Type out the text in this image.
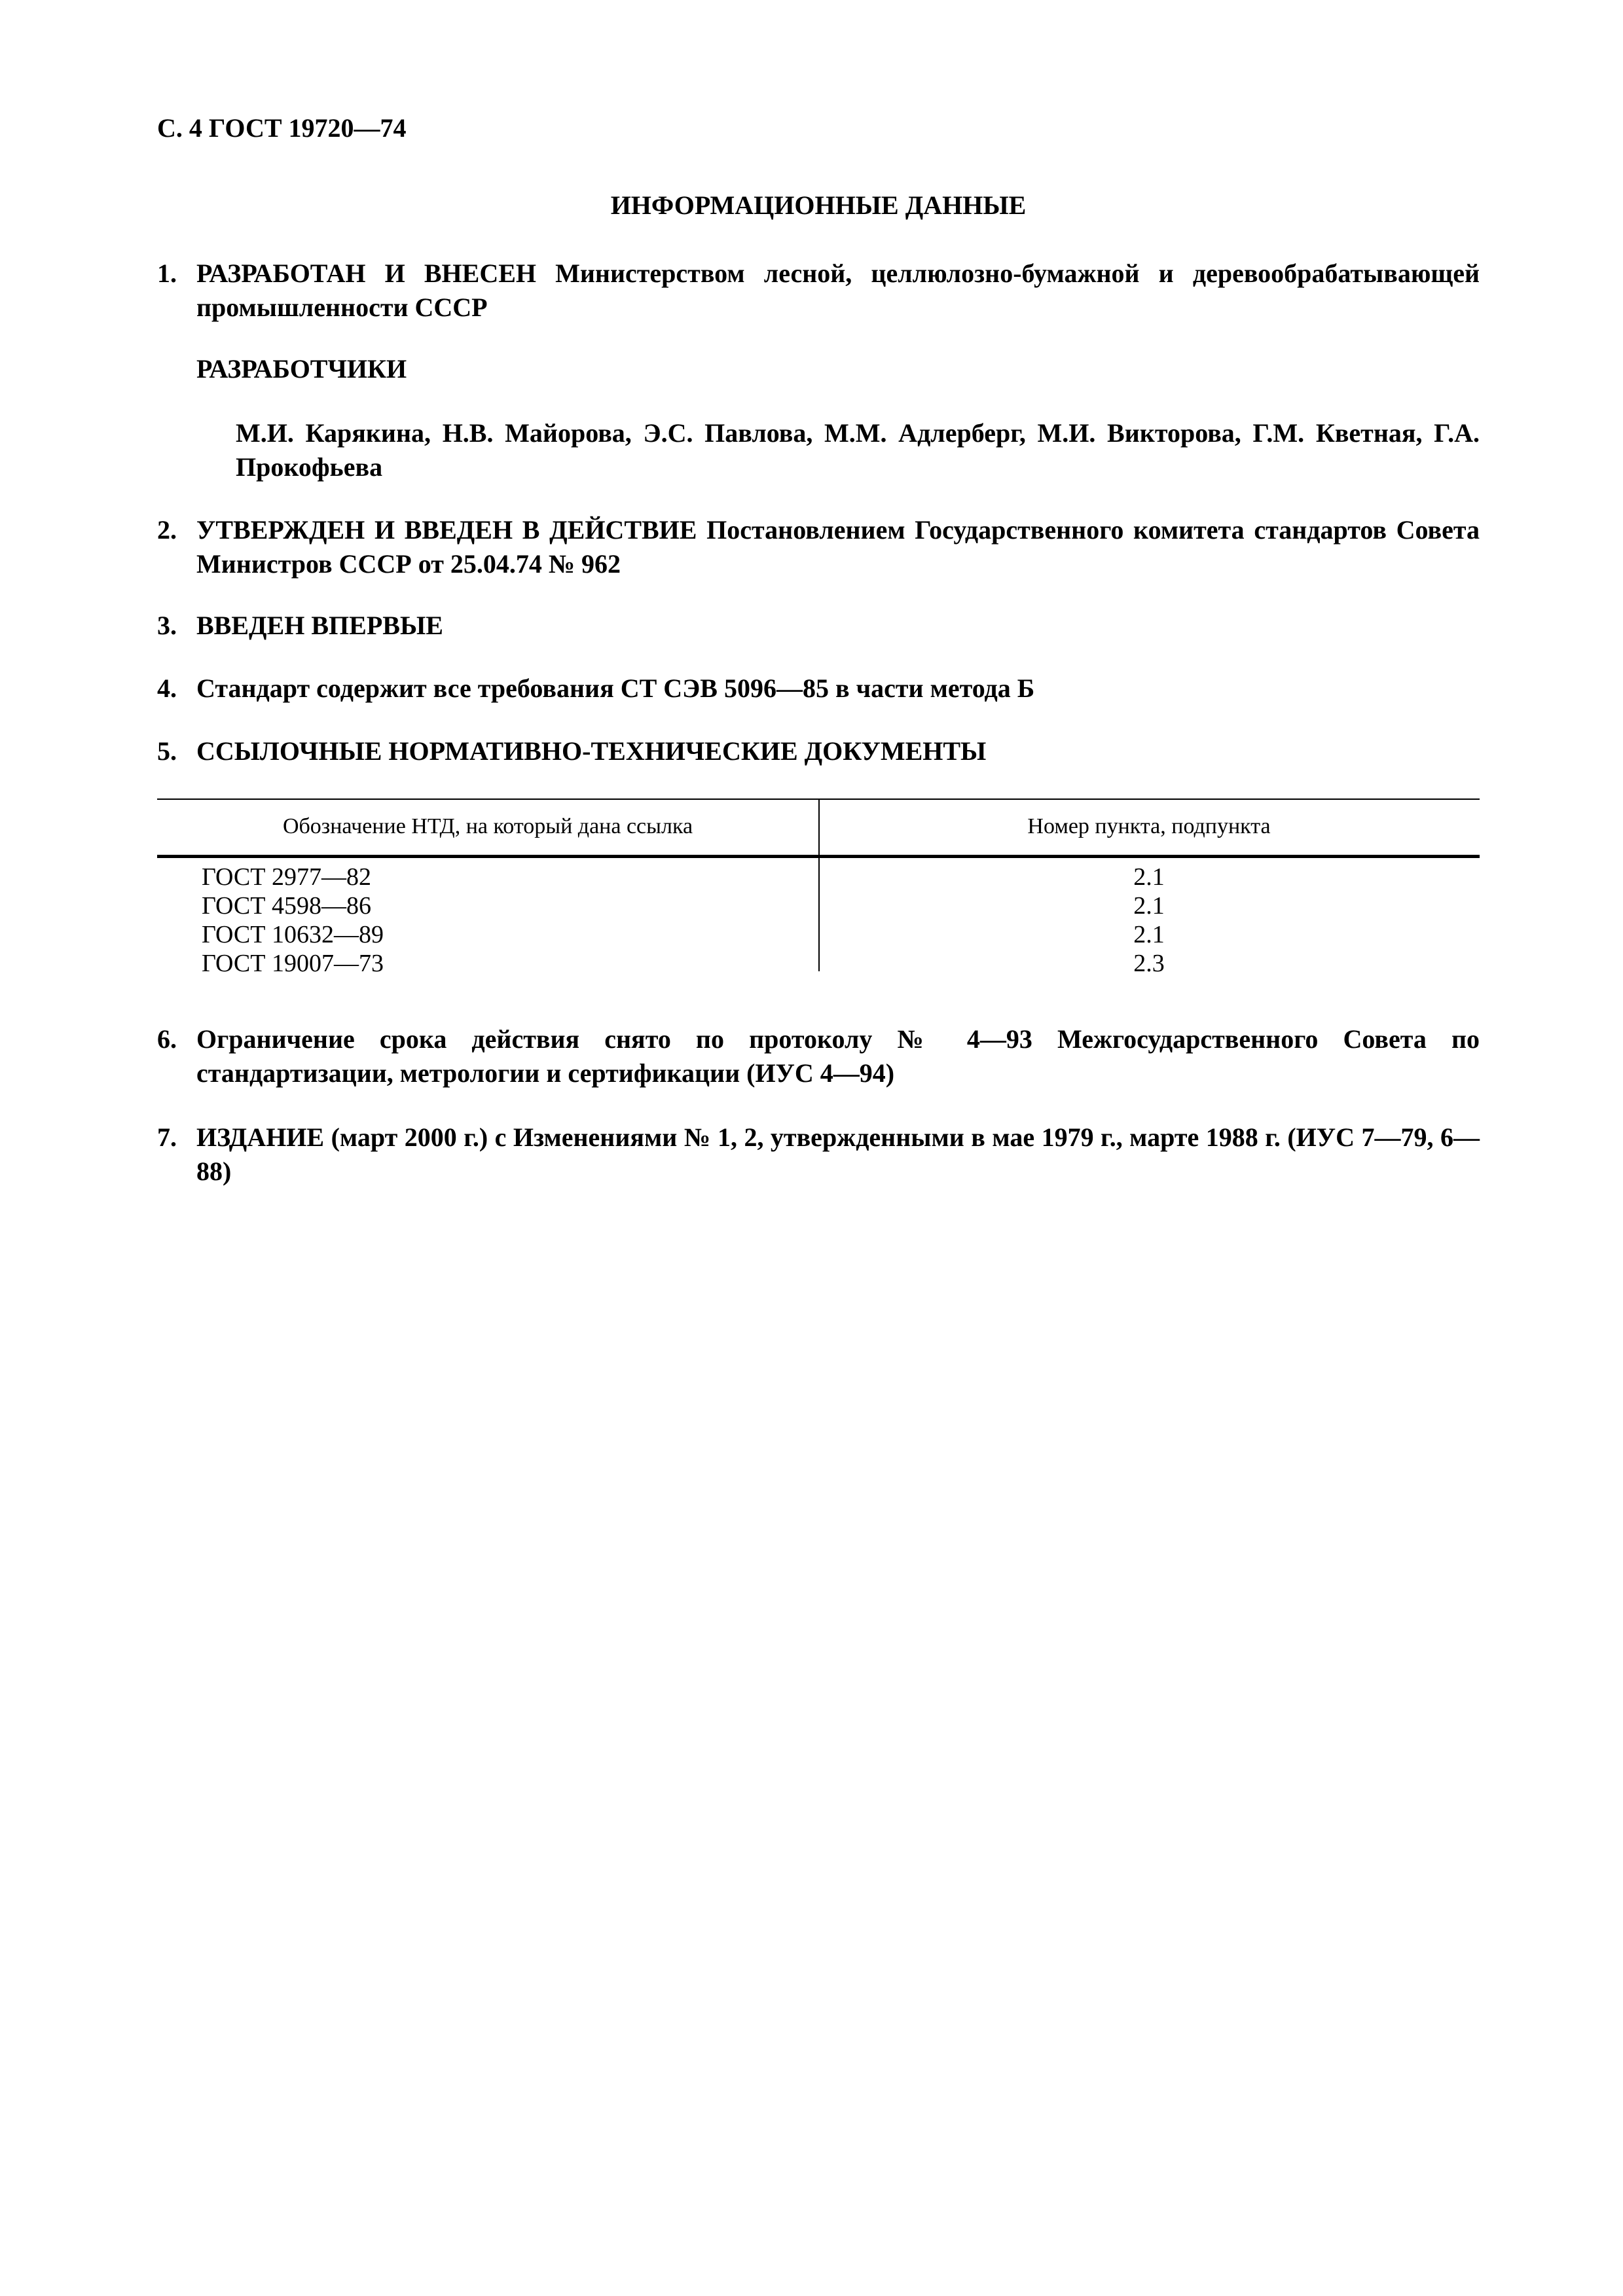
С. 4 ГОСТ 19720—74
ИНФОРМАЦИОННЫЕ ДАННЫЕ
1. РАЗРАБОТАН И ВНЕСЕН Министерством лесной, целлюлозно-бумажной и деревообрабатывающей промышленности СССР
РАЗРАБОТЧИКИ
М.И. Карякина, Н.В. Майорова, Э.С. Павлова, М.М. Адлерберг, М.И. Викторова, Г.М. Кветная, Г.А. Прокофьева
2. УТВЕРЖДЕН И ВВЕДЕН В ДЕЙСТВИЕ Постановлением Государственного комитета стандартов Совета Министров СССР от 25.04.74 № 962
3. ВВЕДЕН ВПЕРВЫЕ
4. Стандарт содержит все требования СТ СЭВ 5096—85 в части метода Б
5. ССЫЛОЧНЫЕ НОРМАТИВНО-ТЕХНИЧЕСКИЕ ДОКУМЕНТЫ
Обозначение НТД, на который дана ссылка	Номер пункта, подпункта
ГОСТ 2977—82	2.1
ГОСТ 4598—86	2.1
ГОСТ 10632—89	2.1
ГОСТ 19007—73	2.3
6. Ограничение срока действия снято по протоколу № 4—93 Межгосударственного Совета по стандартизации, метрологии и сертификации (ИУС 4—94)
7. ИЗДАНИЕ (март 2000 г.) с Изменениями № 1, 2, утвержденными в мае 1979 г., марте 1988 г. (ИУС 7—79, 6—88)
